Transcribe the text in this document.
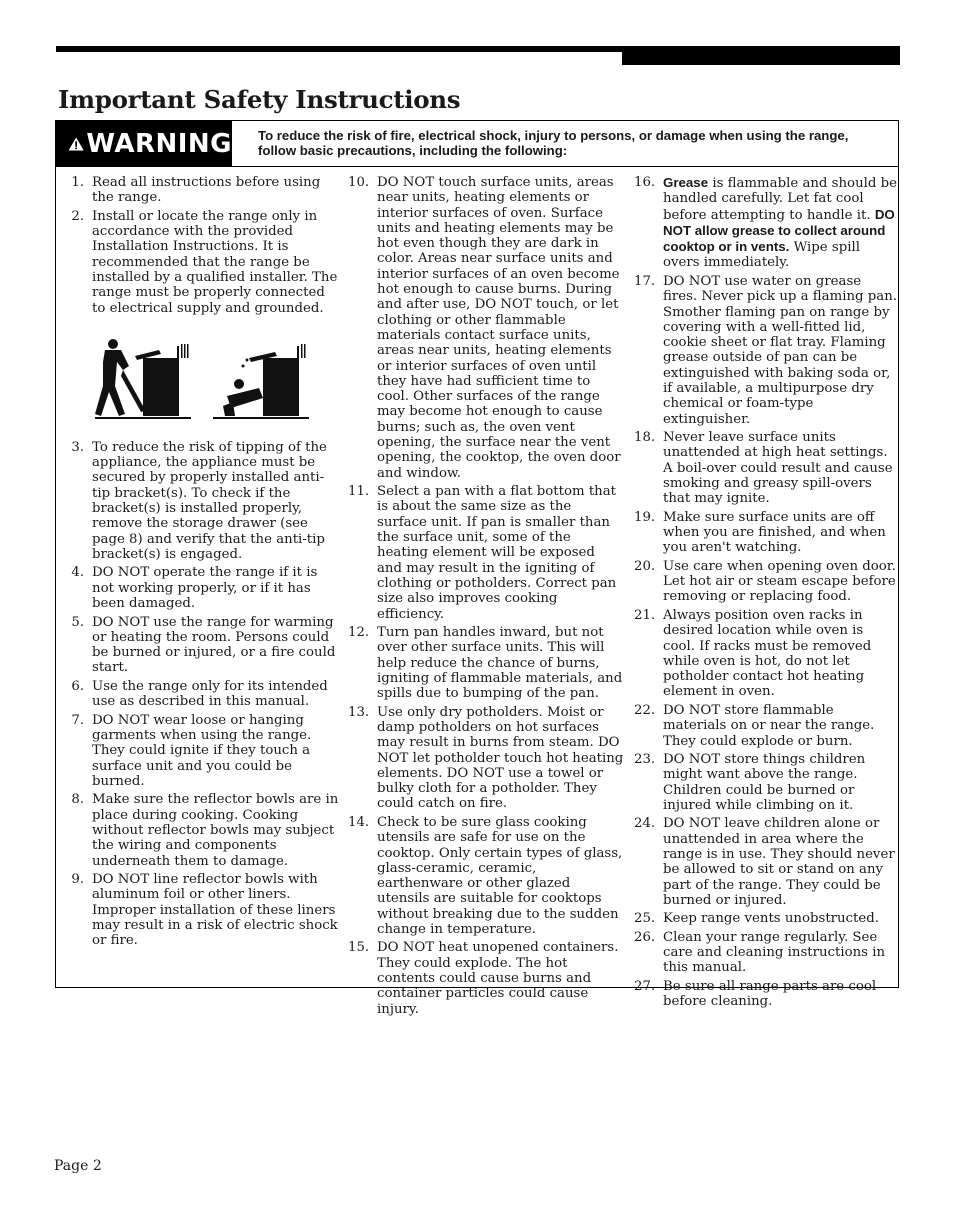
Important Safety Instructions
WARNING To reduce the risk of fire, electrical shock, injury to persons, or damage when using the range, follow basic precautions, including the following:
1. Read all instructions before using the range.
2. Install or locate the range only in accordance with the provided Installation Instructions. It is recommended that the range be installed by a qualified installer. The range must be properly connected to electrical supply and grounded.
3. To reduce the risk of tipping of the appliance, the appliance must be secured by properly installed anti-tip bracket(s). To check if the bracket(s) is installed properly, remove the storage drawer (see page 8) and verify that the anti-tip bracket(s) is engaged.
4. DO NOT operate the range if it is not working properly, or if it has been damaged.
5. DO NOT use the range for warming or heating the room. Persons could be burned or injured, or a fire could start.
6. Use the range only for its intended use as described in this manual.
7. DO NOT wear loose or hanging garments when using the range. They could ignite if they touch a surface unit and you could be burned.
8. Make sure the reflector bowls are in place during cooking. Cooking without reflector bowls may subject the wiring and components underneath them to damage.
9. DO NOT line reflector bowls with aluminum foil or other liners. Improper installation of these liners may result in a risk of electric shock or fire.
10. DO NOT touch surface units, areas near units, heating elements or interior surfaces of oven. Surface units and heating elements may be hot even though they are dark in color. Areas near surface units and interior surfaces of an oven become hot enough to cause burns. During and after use, DO NOT touch, or let clothing or other flammable materials contact surface units, areas near units, heating elements or interior surfaces of oven until they have had sufficient time to cool. Other surfaces of the range may become hot enough to cause burns; such as, the oven vent opening, the surface near the vent opening, the cooktop, the oven door and window.
11. Select a pan with a flat bottom that is about the same size as the surface unit. If pan is smaller than the surface unit, some of the heating element will be exposed and may result in the igniting of clothing or potholders. Correct pan size also improves cooking efficiency.
12. Turn pan handles inward, but not over other surface units. This will help reduce the chance of burns, igniting of flammable materials, and spills due to bumping of the pan.
13. Use only dry potholders. Moist or damp potholders on hot surfaces may result in burns from steam. DO NOT let potholder touch hot heating elements. DO NOT use a towel or bulky cloth for a potholder. They could catch on fire.
14. Check to be sure glass cooking utensils are safe for use on the cooktop. Only certain types of glass, glass-ceramic, ceramic, earthenware or other glazed utensils are suitable for cooktops without breaking due to the sudden change in temperature.
15. DO NOT heat unopened containers. They could explode. The hot contents could cause burns and container particles could cause injury.
16. Grease is flammable and should be handled carefully. Let fat cool before attempting to handle it. DO NOT allow grease to collect around cooktop or in vents. Wipe spill overs immediately.
17. DO NOT use water on grease fires. Never pick up a flaming pan. Smother flaming pan on range by covering with a well-fitted lid, cookie sheet or flat tray. Flaming grease outside of pan can be extinguished with baking soda or, if available, a multipurpose dry chemical or foam-type extinguisher.
18. Never leave surface units unattended at high heat settings. A boil-over could result and cause smoking and greasy spill-overs that may ignite.
19. Make sure surface units are off when you are finished, and when you aren't watching.
20. Use care when opening oven door. Let hot air or steam escape before removing or replacing food.
21. Always position oven racks in desired location while oven is cool. If racks must be removed while oven is hot, do not let potholder contact hot heating element in oven.
22. DO NOT store flammable materials on or near the range. They could explode or burn.
23. DO NOT store things children might want above the range. Children could be burned or injured while climbing on it.
24. DO NOT leave children alone or unattended in area where the range is in use. They should never be allowed to sit or stand on any part of the range. They could be burned or injured.
25. Keep range vents unobstructed.
26. Clean your range regularly. See care and cleaning instructions in this manual.
27. Be sure all range parts are cool before cleaning.
Page 2
